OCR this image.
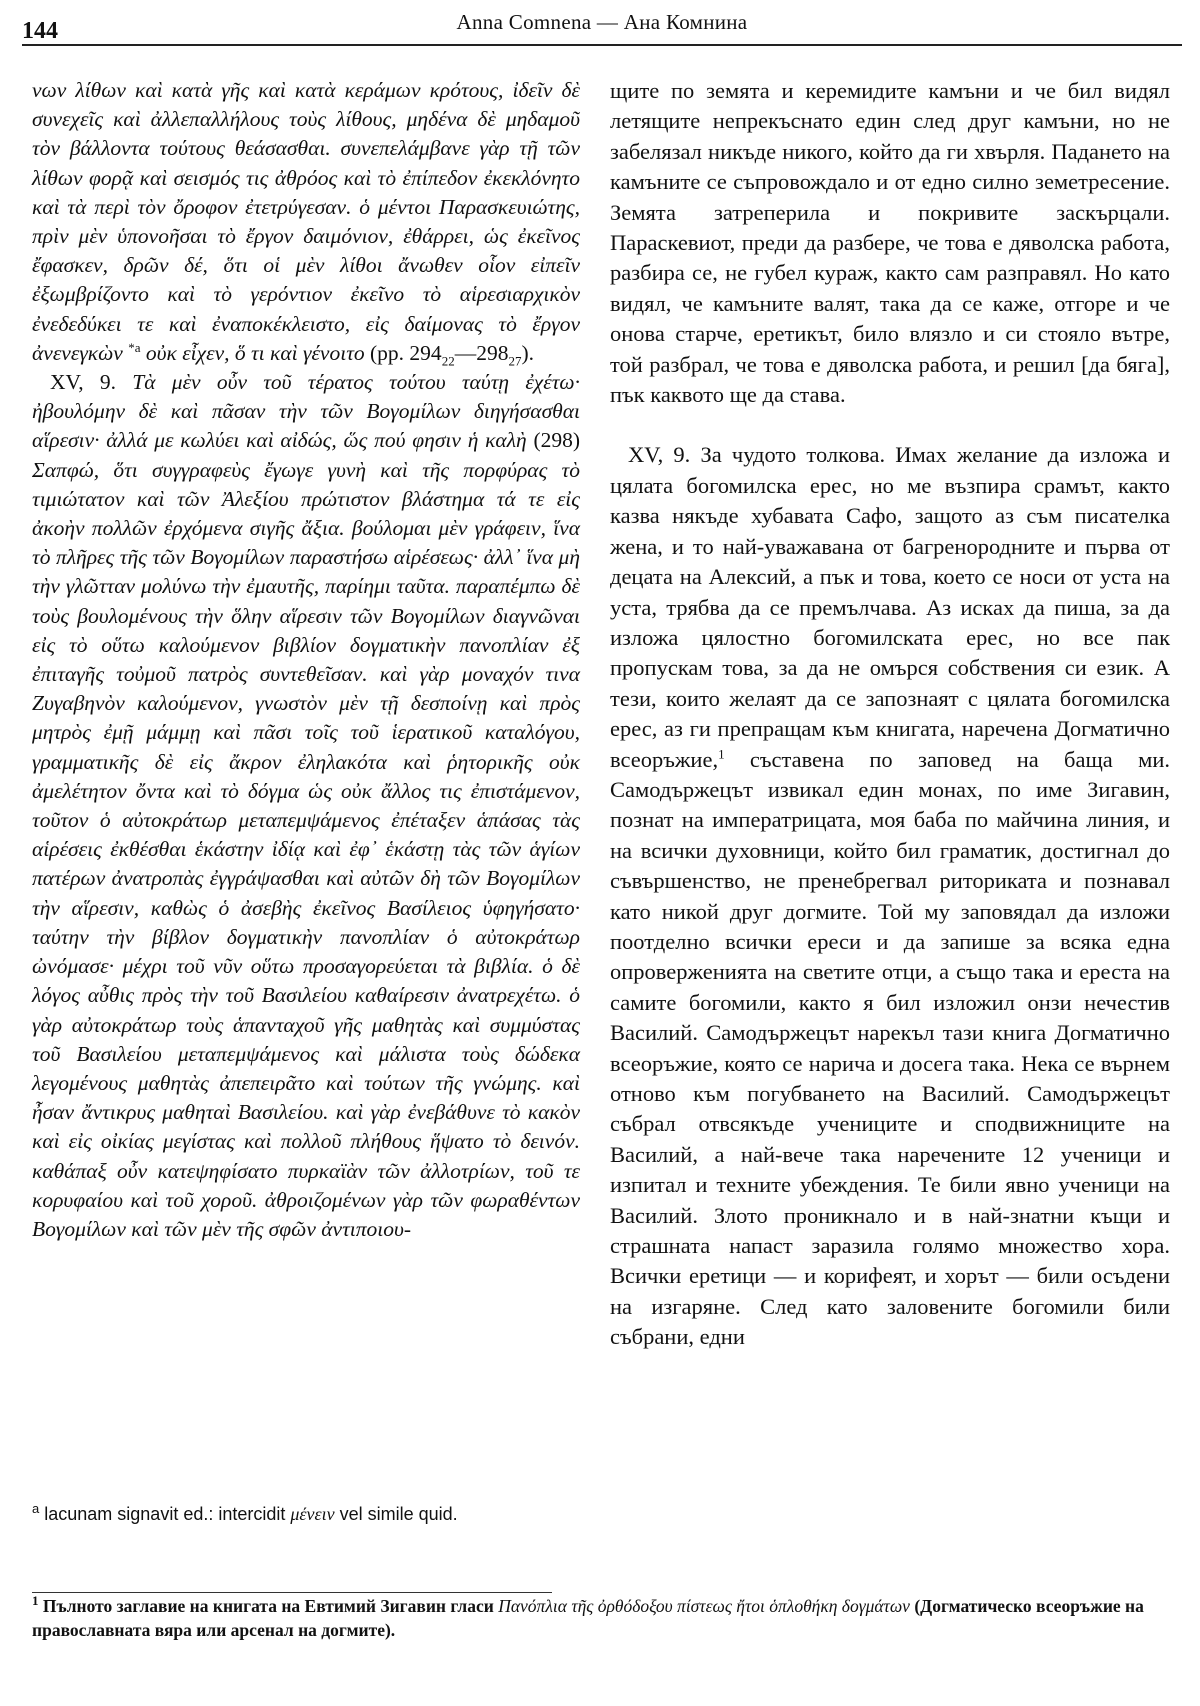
144	Anna Comnena — Ана Комнина

νων λίθων καὶ κατὰ γῆς καὶ κατὰ κεράμων κρότους, ἰδεῖν δὲ συνεχεῖς καὶ ἀλλεπαλλήλους τοὺς λίθους, μηδένα δὲ μηδαμοῦ τὸν βάλλοντα τούτους θεάσασθαι. συνεπελάμβανε γὰρ τῇ τῶν λίθων φορᾷ καὶ σεισμός τις ἀθρόος καὶ τὸ ἐπίπεδον ἐκεκλόνητο καὶ τὰ περὶ τὸν ὄροφον ἐτετρύγεσαν. ὁ μέντοι Παρασκευιώτης, πρὶν μὲν ὑπονοῆσαι τὸ ἔργον δαιμόνιον, ἐθάρρει, ὡς ἐκεῖνος ἔφασκεν, δρῶν δέ, ὅτι οἱ μὲν λίθοι ἄνωθεν οἷον εἰπεῖν ἐξωμβρίζοντο καὶ τὸ γερόντιον ἐκεῖνο τὸ αἱρεσιαρχικὸν ἐνεδεδύκει τε καὶ ἐναποκέκλειστο, εἰς δαίμονας τὸ ἔργον ἀνενεγκὼν $^{*a}$ οὐκ εἶχεν, ὅ τι καὶ γένοιτο (pp. $294_{22}—298_{27}$).

XV, 9. Τὰ μὲν οὖν τοῦ τέρατος τούτου ταύτῃ ἐχέτω· ἠβουλόμην δὲ καὶ πᾶσαν τὴν τῶν Βογομίλων διηγήσασθαι αἵρεσιν· ἀλλά με κωλύει καὶ αἰδώς, ὥς πού φησιν ἡ καλὴ (298) Σαπφώ, ὅτι συγγραφεὺς ἔγωγε γυνὴ καὶ τῆς πορφύρας τὸ τιμιώτατον καὶ τῶν Ἀλεξίου πρώτιστον βλάστημα τά τε εἰς ἀκοὴν πολλῶν ἐρχόμενα σιγῆς ἄξια. βούλομαι μὲν γράφειν, ἵνα τὸ πλῆρες τῆς τῶν Βογομίλων παραστήσω αἱρέσεως· ἀλλ᾽ ἵνα μὴ τὴν γλῶτταν μολύνω τὴν ἐμαυτῆς, παρίημι ταῦτα. παραπέμπω δὲ τοὺς βουλομένους τὴν ὅλην αἵρεσιν τῶν Βογομίλων διαγνῶναι εἰς τὸ οὕτω καλούμενον βιβλίον δογματικὴν πανοπλίαν ἐξ ἐπιταγῆς τοὐμοῦ πατρὸς συντεθεῖσαν. καὶ γὰρ μοναχόν τινα Ζυγαβηνὸν καλούμενον, γνωστὸν μὲν τῇ δεσποίνῃ καὶ πρὸς μητρὸς ἐμῇ μάμμῃ καὶ πᾶσι τοῖς τοῦ ἱερατικοῦ καταλόγου, γραμματικῆς δὲ εἰς ἄκρον ἐληλακότα καὶ ῥητορικῆς οὐκ ἀμελέτητον ὄντα καὶ τὸ δόγμα ὡς οὐκ ἄλλος τις ἐπιστάμενον, τοῦτον ὁ αὐτοκράτωρ μεταπεμψάμενος ἐπέταξεν ἁπάσας τὰς αἱρέσεις ἐκθέσθαι ἑκάστην ἰδίᾳ καὶ ἐφ᾽ ἑκάστῃ τὰς τῶν ἁγίων πατέρων ἀνατροπὰς ἐγγράψασθαι καὶ αὐτῶν δὴ τῶν Βογομίλων τὴν αἵρεσιν, καθὼς ὁ ἀσεβὴς ἐκεῖνος Βασίλειος ὑφηγήσατο· ταύτην τὴν βίβλον δογματικὴν πανοπλίαν ὁ αὐτοκράτωρ ὠνόμασε· μέχρι τοῦ νῦν οὕτω προσαγορεύεται τὰ βιβλία. ὁ δὲ λόγος αὖθις πρὸς τὴν τοῦ Βασιλείου καθαίρεσιν ἀνατρεχέτω. ὁ γὰρ αὐτοκράτωρ τοὺς ἁπανταχοῦ γῆς μαθητὰς καὶ συμμύστας τοῦ Βασιλείου μεταπεμψάμενος καὶ μάλιστα τοὺς δώδεκα λεγομένους μαθητὰς ἀπεπειρᾶτο καὶ τούτων τῆς γνώμης. καὶ ἦσαν ἄντικρυς μαθηταὶ Βασιλείου. καὶ γὰρ ἐνεβάθυνε τὸ κακὸν καὶ εἰς οἰκίας μεγίστας καὶ πολλοῦ πλήθους ἥψατο τὸ δεινόν. καθάπαξ οὖν κατεψηφίσατο πυρκαϊὰν τῶν ἀλλοτρίων, τοῦ τε κορυφαίου καὶ τοῦ χοροῦ. ἀθροιζομένων γὰρ τῶν φωραθέντων Βογομίλων καὶ τῶν μὲν τῆς σφῶν ἀντιποιου-

щите по земята и керемидите камъни и че бил видял летящите непрекъснато един след друг камъни, но не забелязал никъде никого, който да ги хвърля. Падането на камъните се съпровождало и от едно силно земетресение. Земята затреперила и покривите заскърцали. Параскевиот, преди да разбере, че това е дяволска работа, разбира се, не губел кураж, както сам разправял. Но като видял, че камъните валят, така да се каже, отгоре и че онова старче, еретикът, било влязло и си стояло вътре, той разбрал, че това е дяволска работа, и решил [да бяга], пък каквото ще да става.

XV, 9. За чудото толкова. Имах желание да изложа и цялата богомилска ерес, но ме възпира срамът, както казва някъде хубавата Сафо, защото аз съм писателка жена, и то най-уважавана от багренородните и първа от децата на Алексий, а пък и това, което се носи от уста на уста, трябва да се премълчава. Аз исках да пиша, за да изложа цялостно богомилската ерес, но все пак пропускам това, за да не омърся собствения си език. А тези, които желаят да се запознаят с цялата богомилска ерес, аз ги препращам към книгата, наречена Догматично всеоръжие,$^1$ съставена по заповед на баща ми. Самодържецът извикал един монах, по име Зигавин, познат на императрицата, моя баба по майчина линия, и на всички духовници, който бил граматик, достигнал до съвършенство, не пренебрегвал риториката и познавал като никой друг догмите. Той му заповядал да изложи поотделно всички ереси и да запише за всяка една опроверженията на светите отци, а също така и ереста на самите богомили, както я бил изложил онзи нечестив Василий. Самодържецът нарекъл тази книга Догматично всеоръжие, която се нарича и досега така. Нека се върнем отново към погубването на Василий. Самодържецът събрал отвсякъде учениците и сподвижниците на Василий, а най-вече така наречените 12 ученици и изпитал и техните убеждения. Те били явно ученици на Василий. Злото проникнало и в най-знатни къщи и страшната напаст заразила голямо множество хора. Всички еретици — и корифеят, и хорът — били осъдени на изгаряне. След като заловените богомили били събрани, едни

$^a$ lacunam signavit ed.: intercidit μένειν vel simile quid.
$^1$ Пълното заглавие на книгата на Евтимий Зигавин гласи Πανόπλια τῆς ὀρθόδοξου πίστεως ἤτοι ὁπλοθήκη δογμάτων (Догматическо всеоръжие на православната вяра или арсенал на догмите).
